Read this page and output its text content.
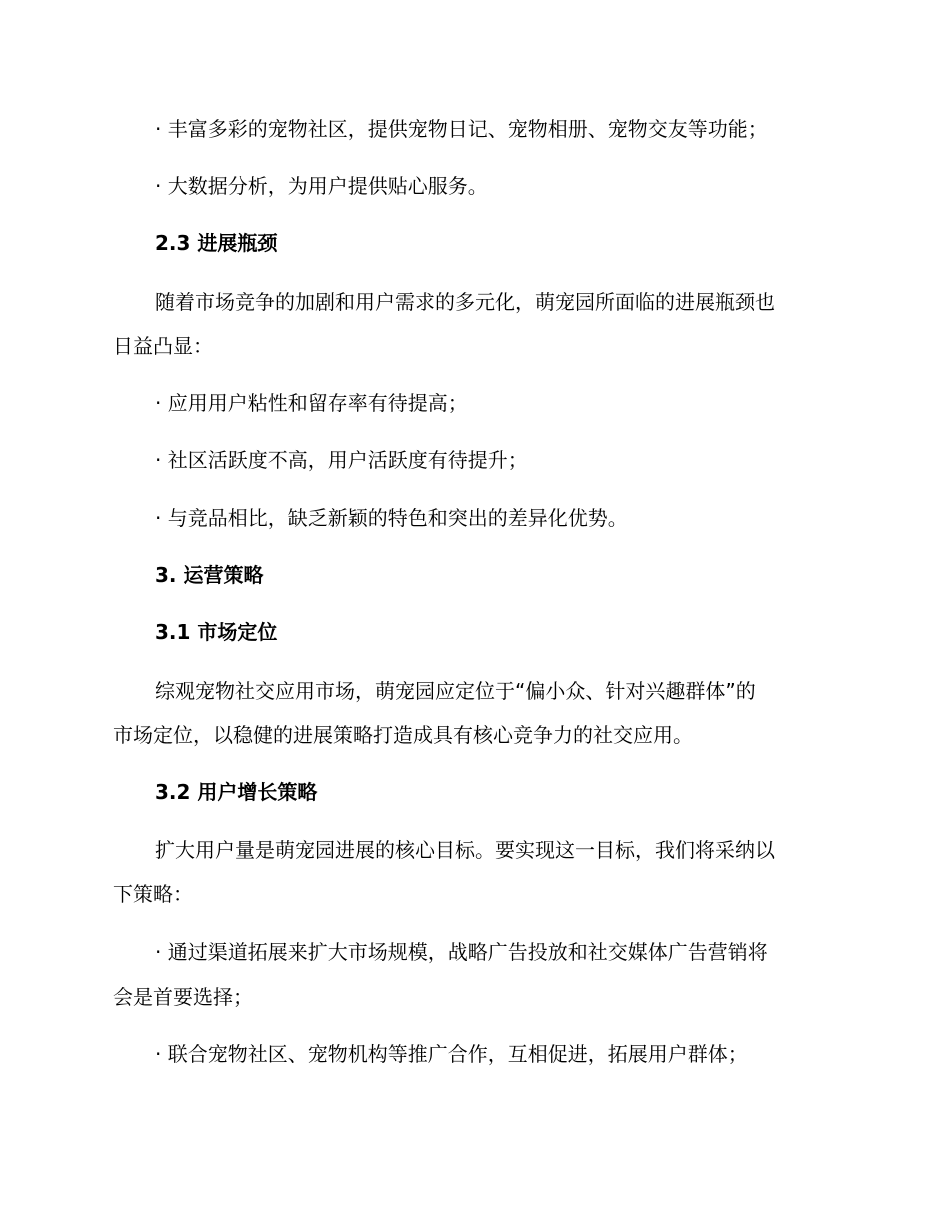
· 丰富多彩的宠物社区，提供宠物日记、宠物相册、宠物交友等功能；
· 大数据分析，为用户提供贴心服务。
2.3 进展瓶颈
随着市场竞争的加剧和用户需求的多元化，萌宠园所面临的进展瓶颈也
日益凸显：
· 应用用户粘性和留存率有待提高；
· 社区活跃度不高，用户活跃度有待提升；
· 与竞品相比，缺乏新颖的特色和突出的差异化优势。
3. 运营策略
3.1 市场定位
综观宠物社交应用市场，萌宠园应定位于“偏小众、针对兴趣群体”的
市场定位，以稳健的进展策略打造成具有核心竞争力的社交应用。
3.2 用户增长策略
扩大用户量是萌宠园进展的核心目标。要实现这一目标，我们将采纳以
下策略：
· 通过渠道拓展来扩大市场规模，战略广告投放和社交媒体广告营销将
会是首要选择；
· 联合宠物社区、宠物机构等推广合作，互相促进，拓展用户群体；
